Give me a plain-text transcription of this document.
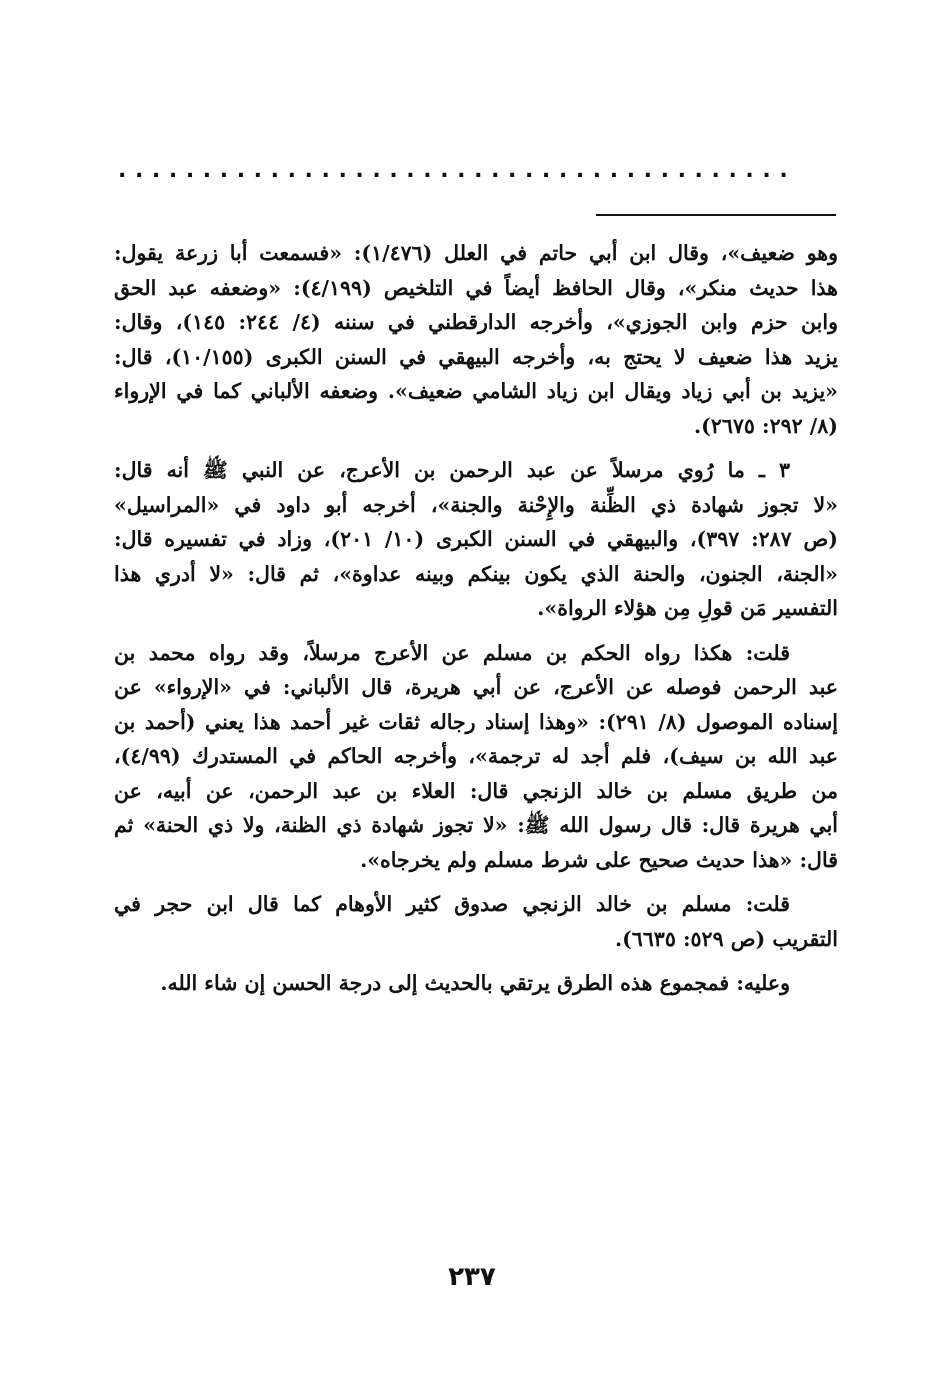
........................................
وهو ضعيف»، وقال ابن أبي حاتم في العلل (١/٤٧٦): «فسمعت أبا زرعة يقول:
هذا حديث منكر»، وقال الحافظ أيضاً في التلخيص (٤/١٩٩): «وضعفه عبد الحق
وابن حزم وابن الجوزي»، وأخرجه الدارقطني في سننه (٤/ ٢٤٤: ١٤٥)، وقال:
يزيد هذا ضعيف لا يحتج به، وأخرجه البيهقي في السنن الكبرى (١٠/١٥٥)، قال:
«يزيد بن أبي زياد ويقال ابن زياد الشامي ضعيف». وضعفه الألباني كما في الإرواء
(٨/ ٢٩٢: ٢٦٧٥).
٣ ـ ما رُوي مرسلاً عن عبد الرحمن بن الأعرج، عن النبي ﷺ أنه قال:
«لا تجوز شهادة ذي الظِّنة والإِحْنة والجنة»، أخرجه أبو داود في «المراسيل»
(ص ٢٨٧: ٣٩٧)، والبيهقي في السنن الكبرى (١٠/ ٢٠١)، وزاد في تفسيره قال:
«الجنة، الجنون، والحنة الذي يكون بينكم وبينه عداوة»، ثم قال: «لا أدري هذا
التفسير مَن قولِ مِن هؤلاء الرواة».
قلت: هكذا رواه الحكم بن مسلم عن الأعرج مرسلاً، وقد رواه محمد بن
عبد الرحمن فوصله عن الأعرج، عن أبي هريرة، قال الألباني: في «الإرواء» عن
إسناده الموصول (٨/ ٢٩١): «وهذا إسناد رجاله ثقات غير أحمد هذا يعني (أحمد بن
عبد الله بن سيف)، فلم أجد له ترجمة»، وأخرجه الحاكم في المستدرك (٤/٩٩)،
من طريق مسلم بن خالد الزنجي قال: العلاء بن عبد الرحمن، عن أبيه، عن
أبي هريرة قال: قال رسول الله ﷺ: «لا تجوز شهادة ذي الظنة، ولا ذي الحنة» ثم
قال: «هذا حديث صحيح على شرط مسلم ولم يخرجاه».
قلت: مسلم بن خالد الزنجي صدوق كثير الأوهام كما قال ابن حجر في
التقريب (ص ٥٢٩: ٦٦٣٥).
وعليه: فمجموع هذه الطرق يرتقي بالحديث إلى درجة الحسن إن شاء الله.
٢٣٧
